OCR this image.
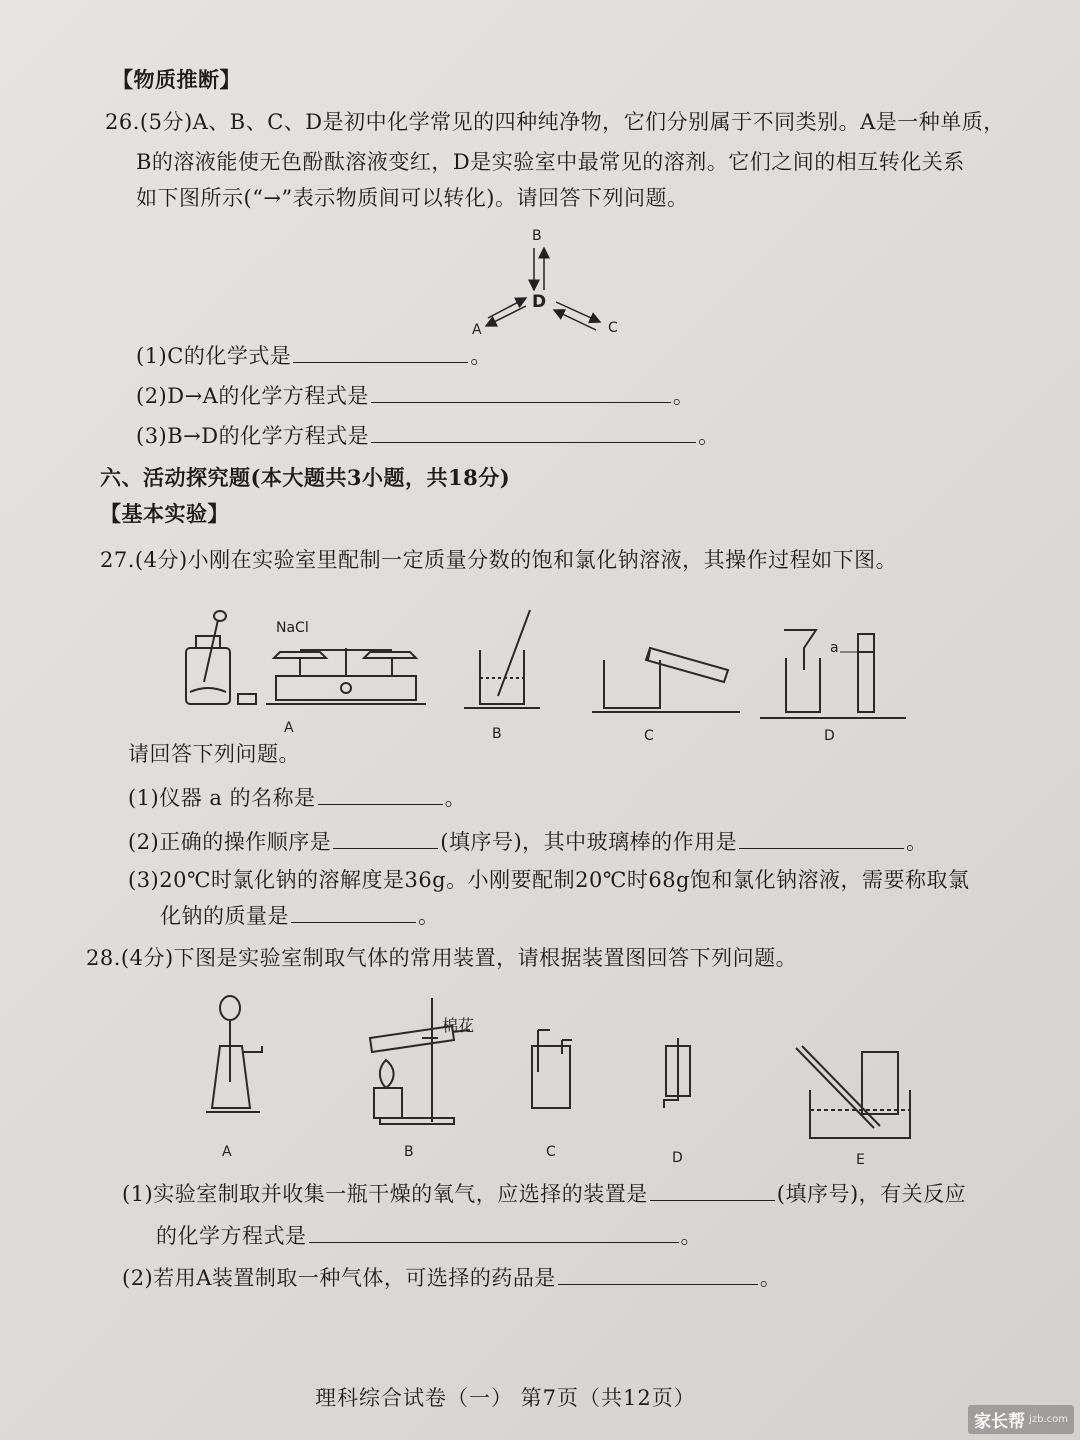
【物质推断】
26.(5分)A、B、C、D是初中化学常见的四种纯净物，它们分别属于不同类别。A是一种单质，
B的溶液能使无色酚酞溶液变红，D是实验室中最常见的溶剂。它们之间的相互转化关系
如下图所示(“→”表示物质间可以转化)。请回答下列问题。
B
D
A	C
(1)C的化学式是	。
(2)D→A的化学方程式是	。
(3)B→D的化学方程式是	。
六、活动探究题(本大题共3小题，共18分)
【基本实验】
27.(4分)小刚在实验室里配制一定质量分数的饱和氯化钠溶液，其操作过程如下图。
NaCl
a
A	B	C	D
请回答下列问题。
(1)仪器 a 的名称是	。
(2)正确的操作顺序是	(填序号)，其中玻璃棒的作用是	。
(3)20℃时氯化钠的溶解度是36g。小刚要配制20℃时68g饱和氯化钠溶液，需要称取氯
化钠的质量是	。
28.(4分)下图是实验室制取气体的常用装置，请根据装置图回答下列问题。
棉花
A	B	C	D	E
(1)实验室制取并收集一瓶干燥的氧气，应选择的装置是	(填序号)，有关反应
的化学方程式是	。
(2)若用A装置制取一种气体，可选择的药品是	。
理科综合试卷（一） 第7页（共12页）
家长帮 jzb.com
